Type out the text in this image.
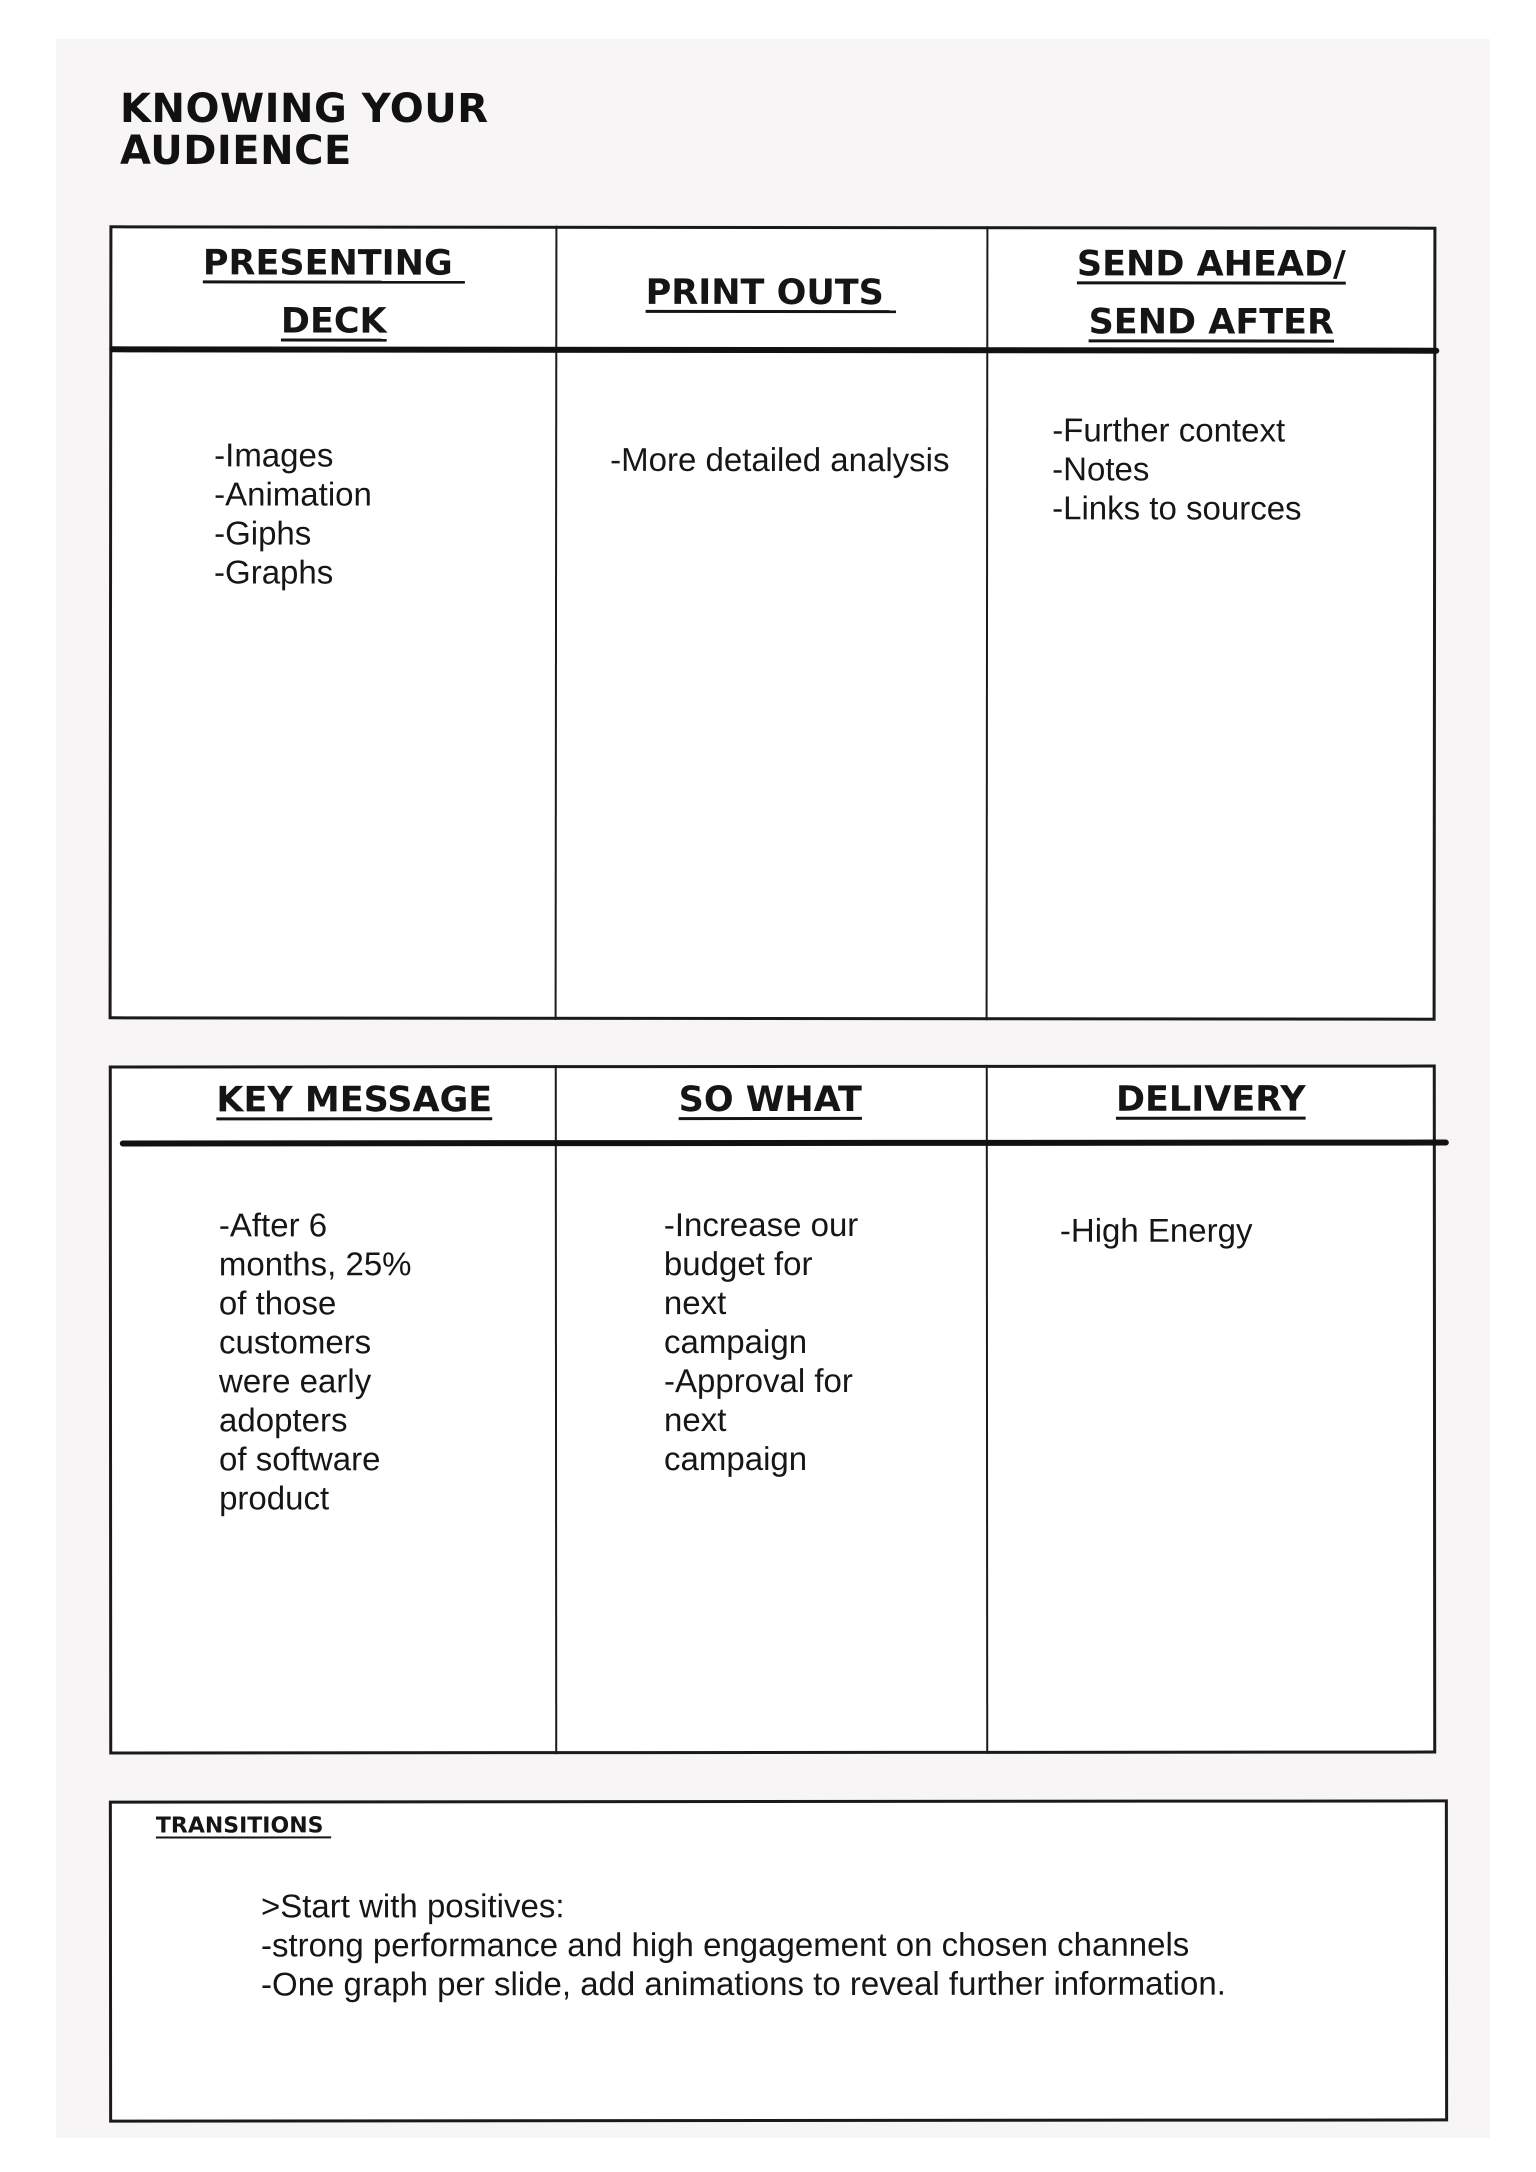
KNOWING YOUR
AUDIENCE
PRESENTING
DECK
PRINT OUTS
SEND AHEAD/
SEND AFTER
-Images
-Animation
-Giphs
-Graphs
-More detailed analysis
-Further context
-Notes
-Links to sources
KEY MESSAGE	SO WHAT	DELIVERY
-After 6
months, 25%
of those
customers
were early
adopters
of software
product
-Increase our
budget for
next
campaign
-Approval for
next
campaign
-High Energy
TRANSITIONS
>Start with positives:
-strong performance and high engagement on chosen channels
-One graph per slide, add animations to reveal further information.
